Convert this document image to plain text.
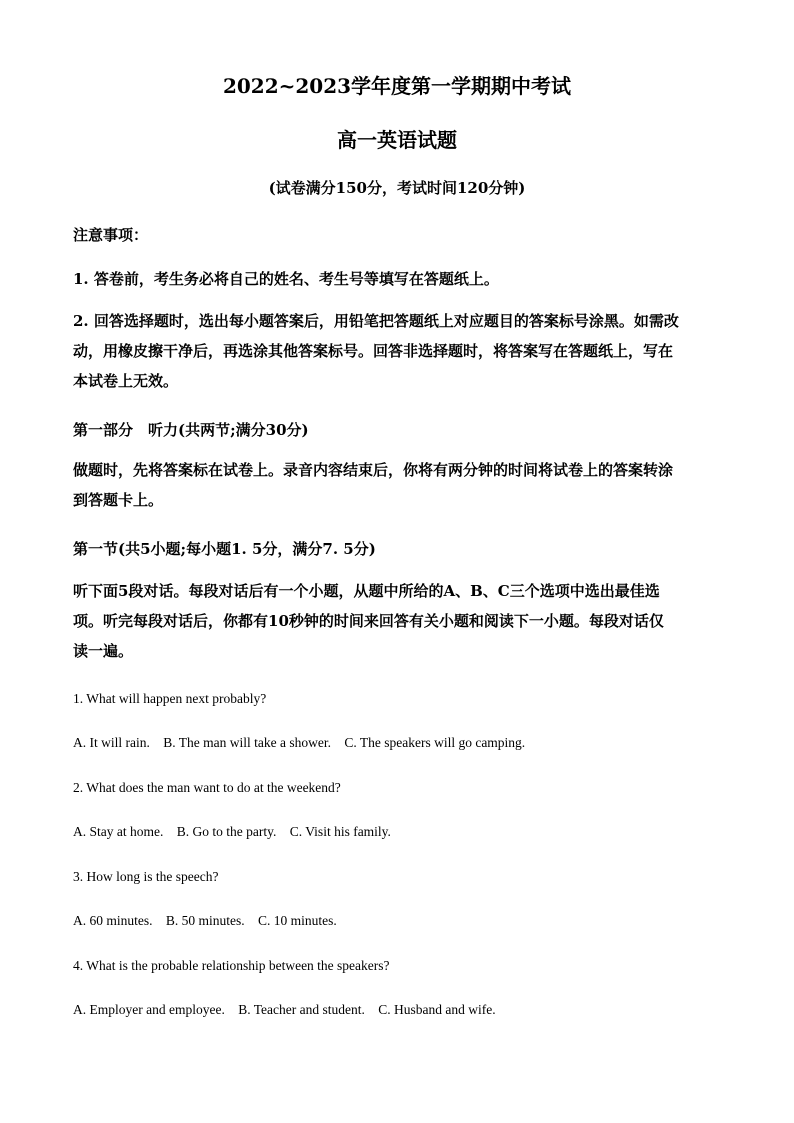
2022~2023学年度第一学期期中考试
高一英语试题
(试卷满分150分，考试时间120分钟)
注意事项：
1. 答卷前，考生务必将自己的姓名、考生号等填写在答题纸上。
2. 回答选择题时，选出每小题答案后，用铅笔把答题纸上对应题目的答案标号涂黑。如需改
动，用橡皮擦干净后，再选涂其他答案标号。回答非选择题时，将答案写在答题纸上，写在
本试卷上无效。
第一部分　听力(共两节;满分30分)
做题时，先将答案标在试卷上。录音内容结束后，你将有两分钟的时间将试卷上的答案转涂
到答题卡上。
第一节(共5小题;每小题1. 5分，满分7. 5分)
听下面5段对话。每段对话后有一个小题，从题中所给的A、B、C三个选项中选出最佳选
项。听完每段对话后，你都有10秒钟的时间来回答有关小题和阅读下一小题。每段对话仅
读一遍。
1. What will happen next probably?
A. It will rain. B. The man will take a shower. C. The speakers will go camping.
2. What does the man want to do at the weekend?
A. Stay at home. B. Go to the party. C. Visit his family.
3. How long is the speech?
A. 60 minutes. B. 50 minutes. C. 10 minutes.
4. What is the probable relationship between the speakers?
A. Employer and employee. B. Teacher and student. C. Husband and wife.
